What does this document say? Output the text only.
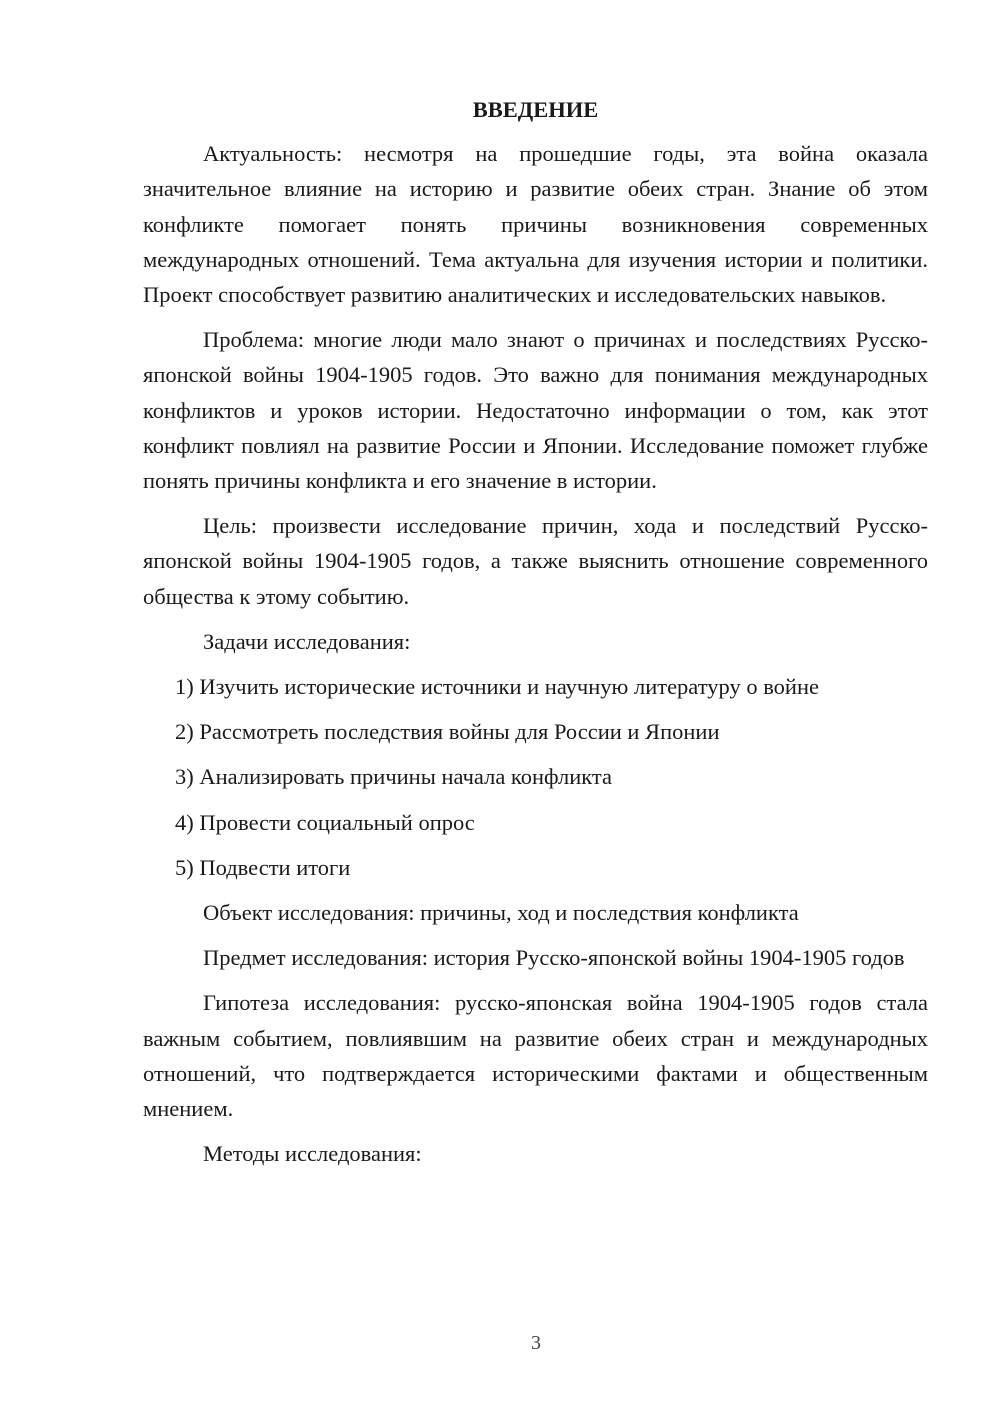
ВВЕДЕНИЕ

Актуальность: несмотря на прошедшие годы, эта война оказала значительное влияние на историю и развитие обеих стран. Знание об этом конфликте помогает понять причины возникновения современных международных отношений. Тема актуальна для изучения истории и политики. Проект способствует развитию аналитических и исследовательских навыков.

Проблема: многие люди мало знают о причинах и последствиях Русско-японской войны 1904-1905 годов. Это важно для понимания международных конфликтов и уроков истории. Недостаточно информации о том, как этот конфликт повлиял на развитие России и Японии. Исследование поможет глубже понять причины конфликта и его значение в истории.

Цель: произвести исследование причин, хода и последствий Русско-японской войны 1904-1905 годов, а также выяснить отношение современного общества к этому событию.

Задачи исследования:

1) Изучить исторические источники и научную литературу о войне

2) Рассмотреть последствия войны для России и Японии

3) Анализировать причины начала конфликта

4) Провести социальный опрос

5) Подвести итоги

Объект исследования: причины, ход и последствия конфликта

Предмет исследования: история Русско-японской войны 1904-1905 годов

Гипотеза исследования: русско-японская война 1904-1905 годов стала важным событием, повлиявшим на развитие обеих стран и международных отношений, что подтверждается историческими фактами и общественным мнением.

Методы исследования:

3
